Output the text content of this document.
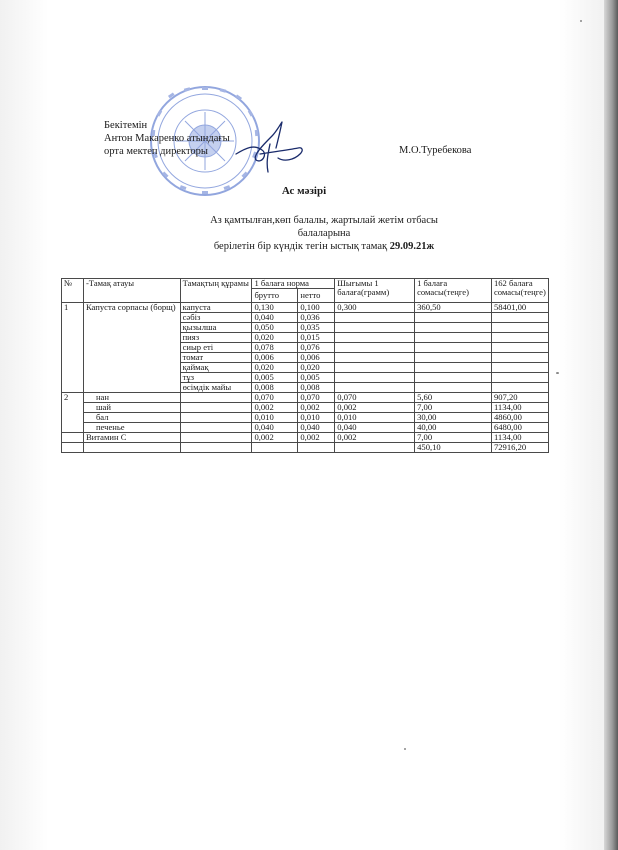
Бекітемін
Антон Макаренко атындағы
орта мектеп директоры	М.О.Туребекова
Ас мәзірі
Аз қамтылған,көп балалы, жартылай жетім отбасы балаларына
берілетін бір күндік тегін ыстық тамақ 29.09.21ж
№	-Тамақ атауы	Тамақтың құрамы	1 балаға норма		Шығымы 1 балаға(грамм)	1 балаға сомасы(теңге)	162 балаға сомасы(теңге)
			брутто	нетто			
1	Капуста сорпасы (борщ)	капуста	0,130	0,100	0,300	360,50	58401,00
		сәбіз	0,040	0,036			
		қызылша	0,050	0,035			
		пияз	0,020	0,015			
		сиыр еті	0,078	0,076			
		томат	0,006	0,006			
		қаймақ	0,020	0,020			
		тұз	0,005	0,005			
		өсімдік майы	0,008	0,008			
2	нан		0,070	0,070	0,070	5,60	907,20
	шай		0,002	0,002	0,002	7,00	1134,00
	бал		0,010	0,010	0,010	30,00	4860,00
	печенье		0,040	0,040	0,040	40,00	6480,00
	Витамин С		0,002	0,002	0,002	7,00	1134,00
						450,10	72916,20
